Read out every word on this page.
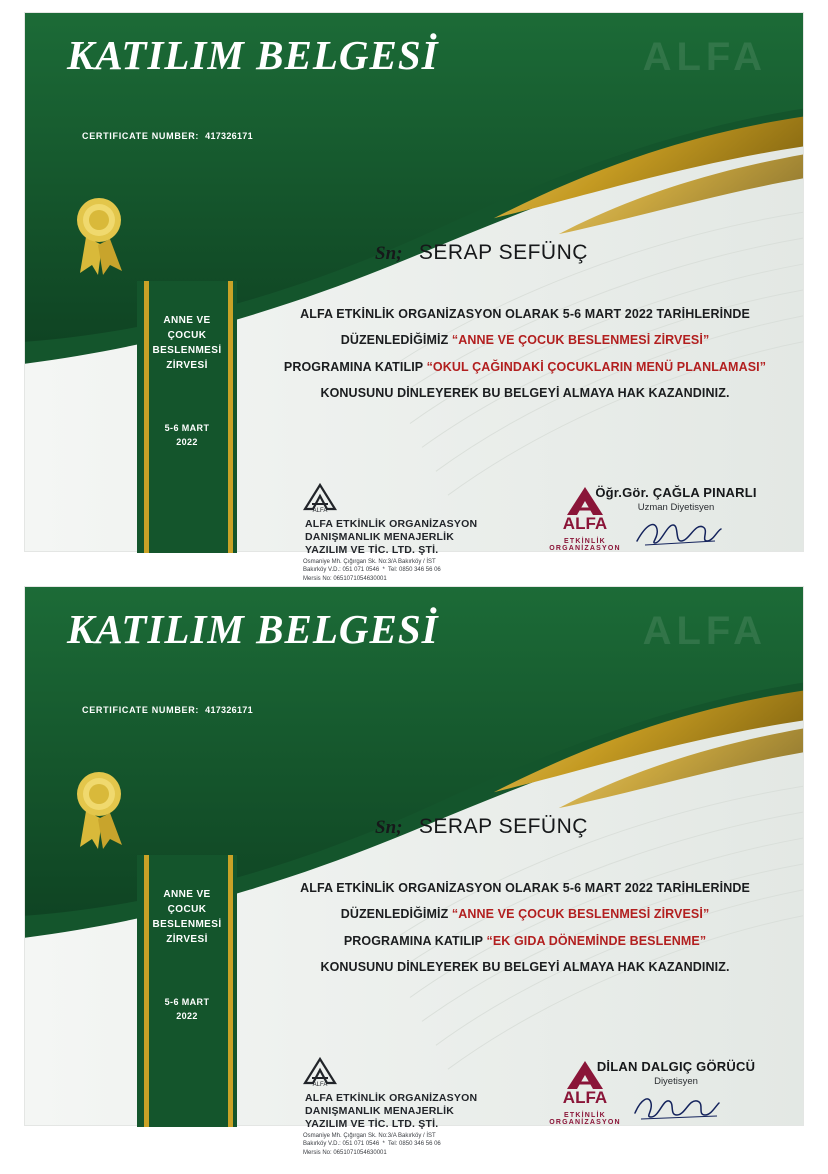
KATILIM BELGESİ	ALFA
CERTIFICATE NUMBER: 417326171
ANNE VE
ÇOCUK
BESLENMESİ
ZİRVESİ
5-6 MART
2022
Sn; SERAP SEFÜNÇ
ALFA ETKİNLİK ORGANİZASYON OLARAK 5-6 MART 2022 TARİHLERİNDE
DÜZENLEDİĞİMİZ “ANNE VE ÇOCUK BESLENMESİ ZİRVESİ”
PROGRAMINA KATILIP “OKUL ÇAĞINDAKİ ÇOCUKLARIN MENÜ PLANLAMASI”
KONUSUNU DİNLEYEREK BU BELGEYİ ALMAYA HAK KAZANDINIZ.
ALFA
ALFA ETKİNLİK ORGANİZASYON
DANIŞMANLIK MENAJERLİK
YAZILIM VE TİC. LTD. ŞTİ.
Osmaniye Mh. Çığırgan Sk. No:3/A Bakırköy / İST
Bakırköy V.D.: 051 071 0546  *  Tel: 0850 346 56 06
Mersis No: 0651071054630001
ALFA
ETKİNLİK ORGANİZASYON
Öğr.Gör. ÇAĞLA PINARLI
Uzman Diyetisyen
KATILIM BELGESİ	ALFA
CERTIFICATE NUMBER: 417326171
ANNE VE
ÇOCUK
BESLENMESİ
ZİRVESİ
5-6 MART
2022
Sn; SERAP SEFÜNÇ
ALFA ETKİNLİK ORGANİZASYON OLARAK 5-6 MART 2022 TARİHLERİNDE
DÜZENLEDİĞİMİZ “ANNE VE ÇOCUK BESLENMESİ ZİRVESİ”
PROGRAMINA KATILIP “EK GIDA DÖNEMİNDE BESLENME”
KONUSUNU DİNLEYEREK BU BELGEYİ ALMAYA HAK KAZANDINIZ.
ALFA
ALFA ETKİNLİK ORGANİZASYON
DANIŞMANLIK MENAJERLİK
YAZILIM VE TİC. LTD. ŞTİ.
Osmaniye Mh. Çığırgan Sk. No:3/A Bakırköy / İST
Bakırköy V.D.: 051 071 0546  *  Tel: 0850 346 56 06
Mersis No: 0651071054630001
ALFA
ETKİNLİK ORGANİZASYON
DİLAN DALGIÇ GÖRÜCÜ
Diyetisyen
